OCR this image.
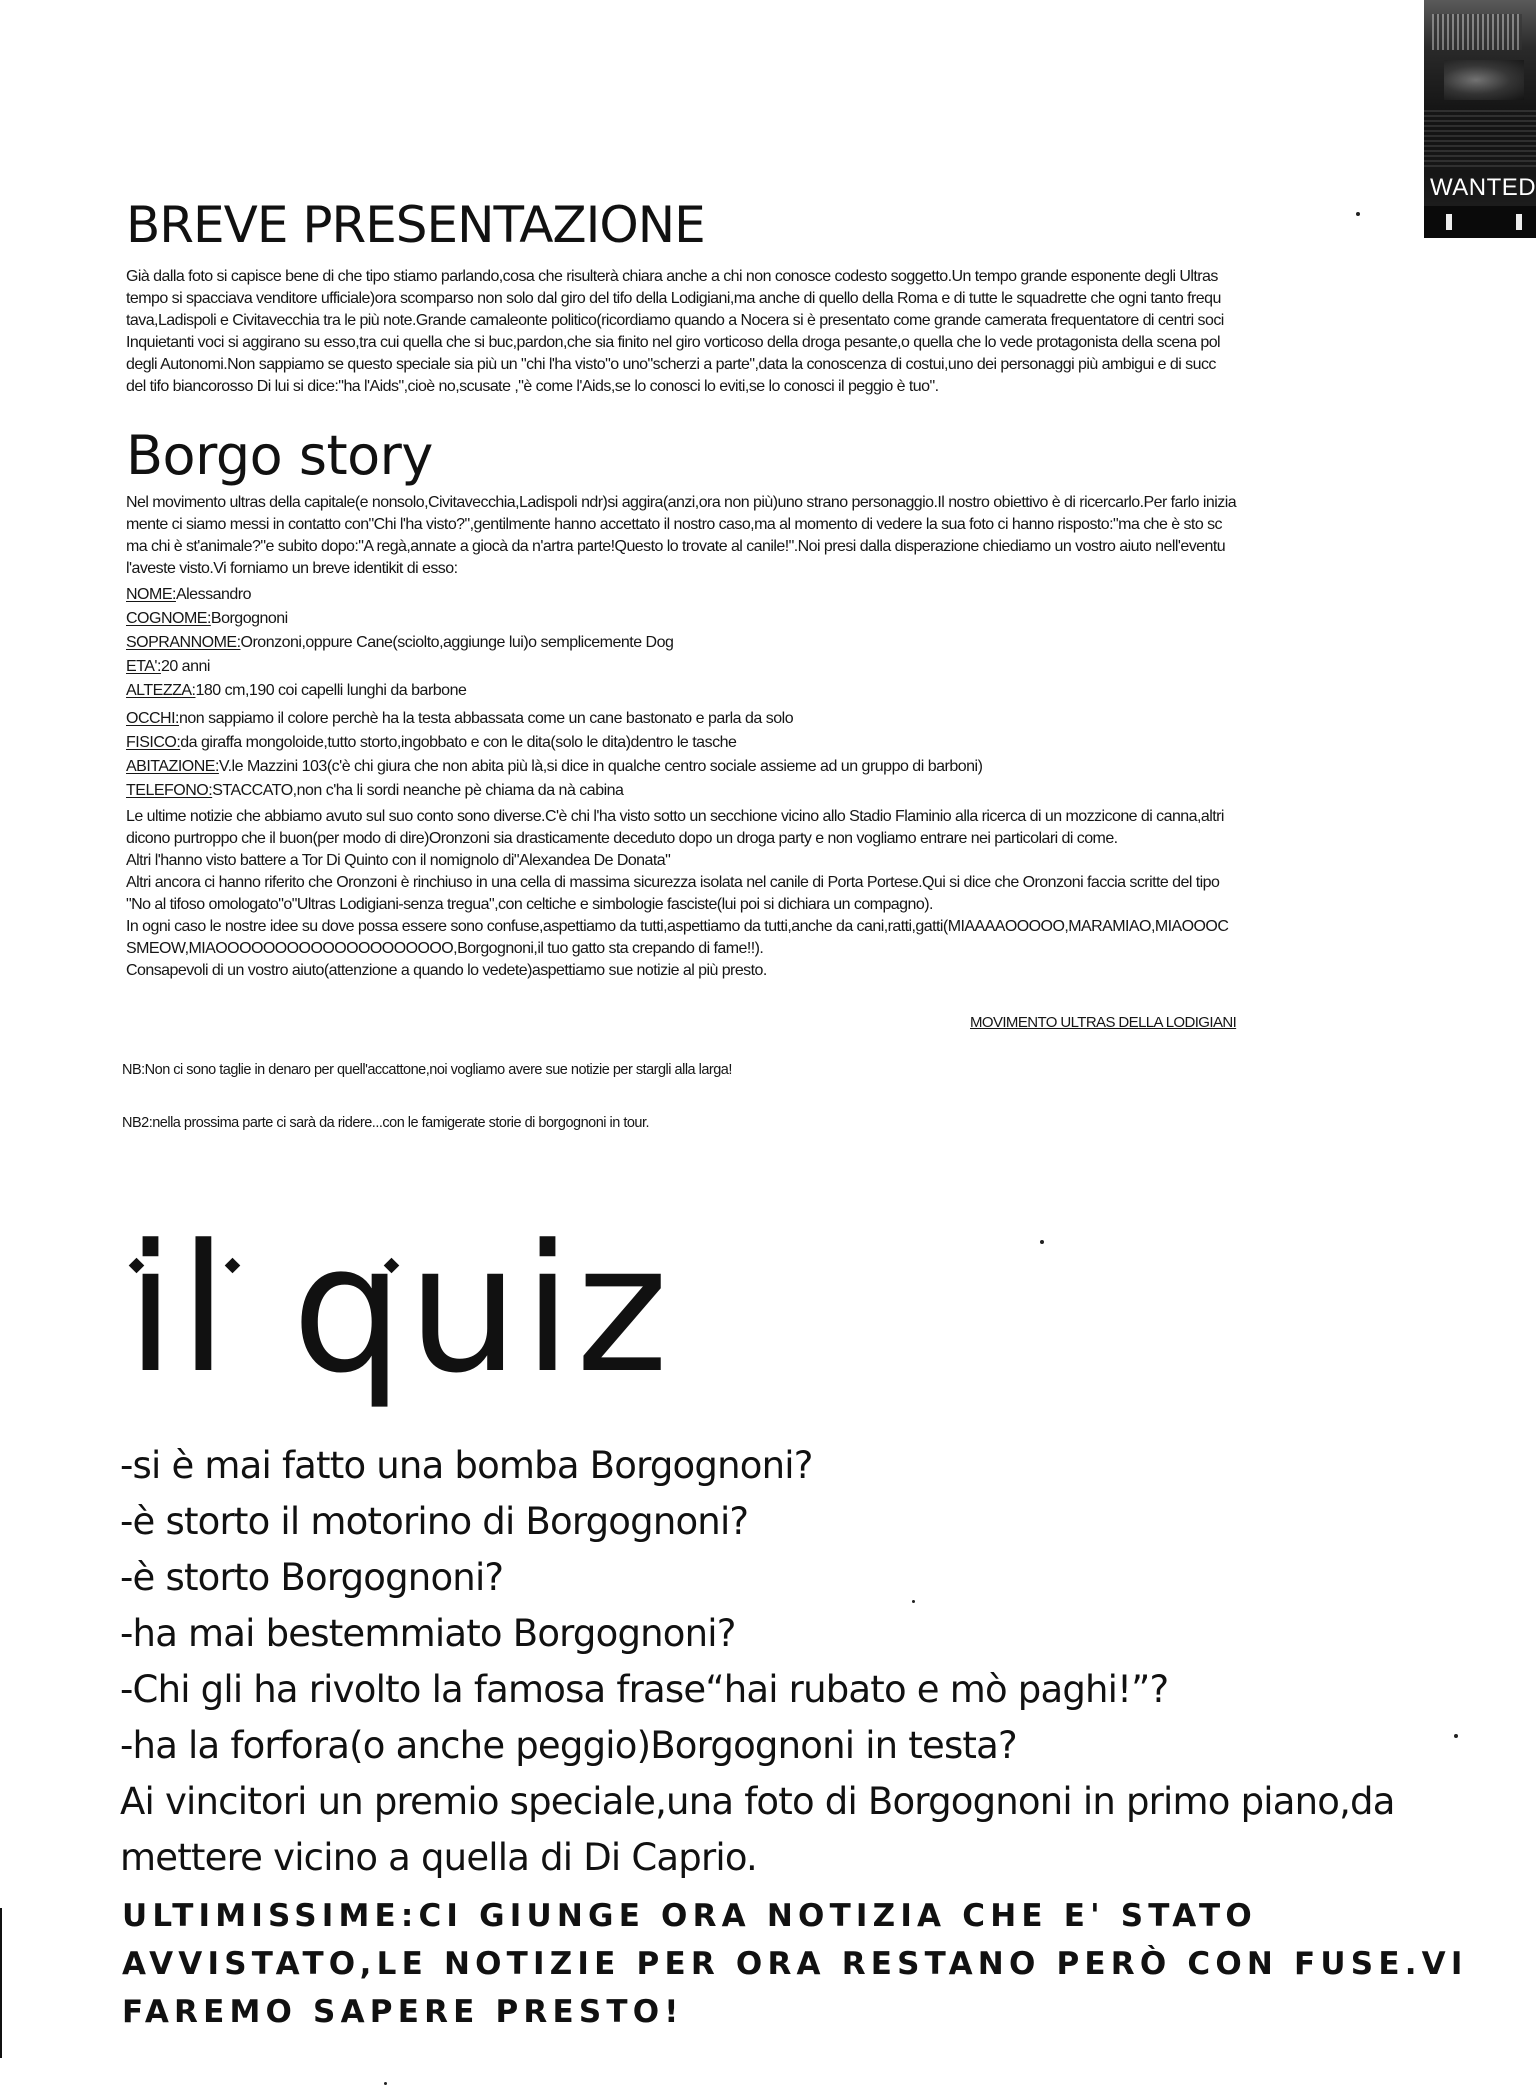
WANTED
BREVE PRESENTAZIONE
Già dalla foto si capisce bene di che tipo stiamo parlando,cosa che risulterà chiara anche a chi non conosce codesto soggetto.Un tempo grande esponente degli Ultras
tempo si spacciava venditore ufficiale)ora scomparso non solo dal giro del tifo della Lodigiani,ma anche di quello della Roma e di tutte le squadrette che ogni tanto frequ
tava,Ladispoli e Civitavecchia tra le più note.Grande camaleonte politico(ricordiamo quando a Nocera si è presentato come grande camerata frequentatore di centri soci
Inquietanti voci si aggirano su esso,tra cui quella che si buc,pardon,che sia finito nel giro vorticoso della droga pesante,o quella che lo vede protagonista della scena pol
degli Autonomi.Non sappiamo se questo speciale sia più un "chi l'ha visto"o uno"scherzi a parte",data la conoscenza di costui,uno dei personaggi più ambigui e di succ
del tifo biancorosso Di lui si dice:"ha l'Aids",cioè no,scusate ,"è come l'Aids,se lo conosci lo eviti,se lo conosci il peggio è tuo".
Borgo story
Nel movimento ultras della capitale(e nonsolo,Civitavecchia,Ladispoli ndr)si aggira(anzi,ora non più)uno strano personaggio.Il nostro obiettivo è di ricercarlo.Per farlo inizia
mente ci siamo messi in contatto con"Chi l'ha visto?",gentilmente hanno accettato il nostro caso,ma al momento di vedere la sua foto ci hanno risposto:"ma che è sto sc
ma chi è st'animale?"e subito dopo:"A regà,annate a giocà da n'artra parte!Questo lo trovate al canile!".Noi presi dalla disperazione chiediamo un vostro aiuto nell'eventu
l'aveste visto.Vi forniamo un breve identikit di esso:
NOME:Alessandro
COGNOME:Borgognoni
SOPRANNOME:Oronzoni,oppure Cane(sciolto,aggiunge lui)o semplicemente Dog
ETA':20 anni
ALTEZZA:180 cm,190 coi capelli lunghi da barbone
OCCHI:non sappiamo il colore perchè ha la testa abbassata come un cane bastonato e parla da solo
FISICO:da giraffa mongoloide,tutto storto,ingobbato e con le dita(solo le dita)dentro le tasche
ABITAZIONE:V.le Mazzini 103(c'è chi giura che non abita più là,si dice in qualche centro sociale assieme ad un gruppo di barboni)
TELEFONO:STACCATO,non c'ha li sordi neanche pè chiama da nà cabina
Le ultime notizie che abbiamo avuto sul suo conto sono diverse.C'è chi l'ha visto sotto un secchione vicino allo Stadio Flaminio alla ricerca di un mozzicone di canna,altri
dicono purtroppo che il buon(per modo di dire)Oronzoni sia drasticamente deceduto dopo un droga party e non vogliamo entrare nei particolari di come.
Altri l'hanno visto battere a Tor Di Quinto con il nomignolo di"Alexandea De Donata"
Altri ancora ci hanno riferito che Oronzoni è rinchiuso in una cella di massima sicurezza isolata nel canile di Porta Portese.Qui si dice che Oronzoni faccia scritte del tipo
"No al tifoso omologato"o"Ultras Lodigiani-senza tregua",con celtiche e simbologie fasciste(lui poi si dichiara un compagno).
In ogni caso le nostre idee su dove possa essere sono confuse,aspettiamo da tutti,aspettiamo da tutti,anche da cani,ratti,gatti(MIAAAAOOOOO,MARAMIAO,MIAOOOC
SMEOW,MIAOOOOOOOOOOOOOOOOOOOO,Borgognoni,il tuo gatto sta crepando di fame!!).
Consapevoli di un vostro aiuto(attenzione a quando lo vedete)aspettiamo sue notizie al più presto.
MOVIMENTO ULTRAS DELLA LODIGIANI
NB:Non ci sono taglie in denaro per quell'accattone,noi vogliamo avere sue notizie per stargli alla larga!
NB2:nella prossima parte ci sarà da ridere...con le famigerate storie di borgognoni in tour.
il quiz
-si è mai fatto una bomba Borgognoni?
-è storto il motorino di Borgognoni?
-è storto Borgognoni?
-ha mai bestemmiato Borgognoni?
-Chi gli ha rivolto la famosa frase“hai rubato e mò paghi!”?
-ha la forfora(o anche peggio)Borgognoni in testa?

Ai vincitori un premio speciale,una foto di Borgognoni in primo piano,da mettere vicino a quella di Di Caprio.

ULTIMISSIME:CI GIUNGE ORA NOTIZIA CHE E' STATO AVVISTATO,LE NOTIZIE PER ORA RESTANO PERÒ CON FUSE.VI FAREMO SAPERE PRESTO!
